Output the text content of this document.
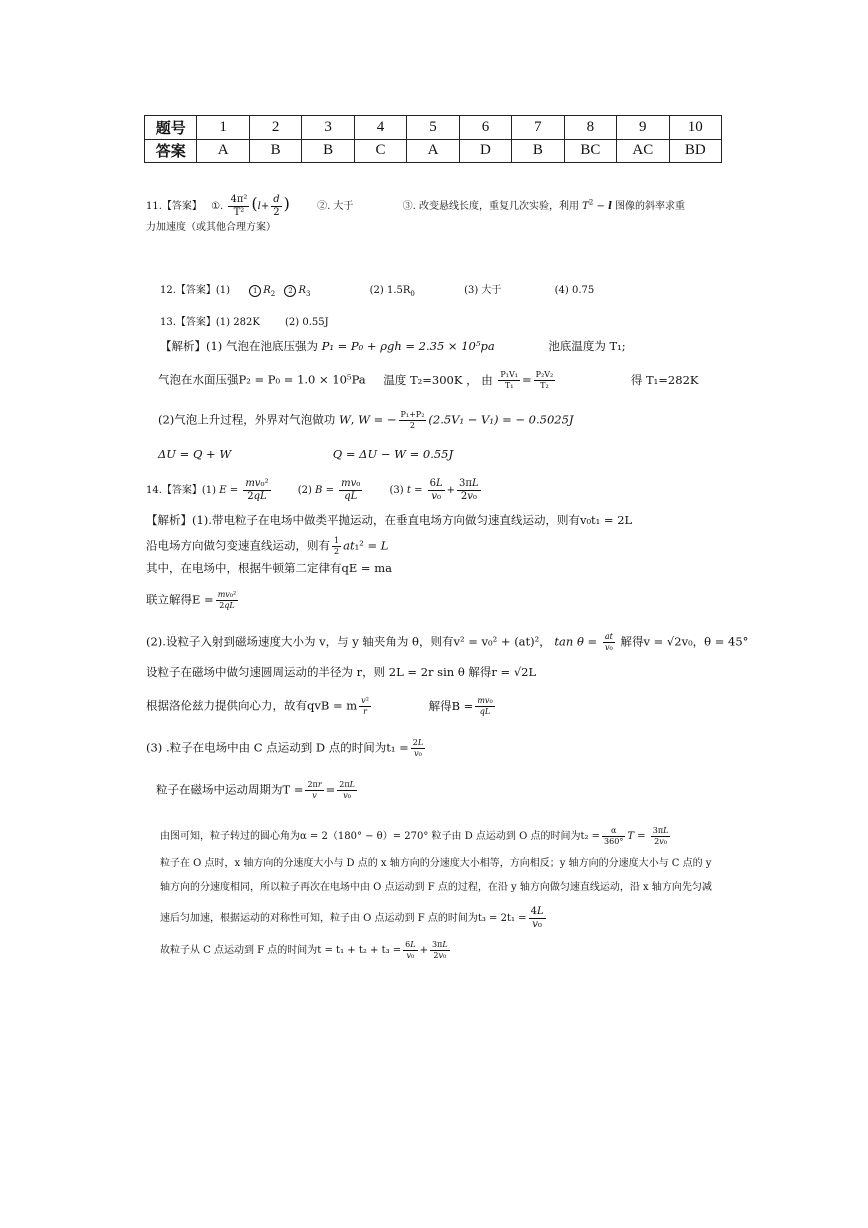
题号	1	2	3	4	5	6	7	8	9	10
答案	A	B	B	C	A	D	B	BC	AC	BD
11.【答案】 ①. $\frac{\text{4π²}}{\text{T²}} (l+ \frac{d}{2}$ )	②. 大于	③. 改变悬线长度，重复几次实验，利用 $T^2 - l$ 图像的斜率求重
力加速度（或其他合理方案）
12.【答案】(1)	1 $R_2$ 2 $R_3$	(2) $1.5R_0$	(3) 大于	(4) 0.75
13.【答案】(1) 282K	(2) 0.55J
【解析】(1) 气泡在池底压强为 P₁ = P₀ + ρgh = 2.35 × 10⁵pa	池底温度为 T₁;
气泡在水面压强P₂ = P₀ = 1.0 × 10⁵Pa 温度 T₂=300K ， 由 $\frac{\text{P₁V₁}}{\text{T₁}} = \frac{\text{P₂V₂}}{\text{T₂}}$	得 T₁=282K
(2)气泡上升过程，外界对气泡做功 W, W = − $\frac{\text{P₁+P₂}}{2} (2.5V_1 - V_1)$ = − 0.5025J
ΔU = Q + W	Q = ΔU − W = 0.55J
14.【答案】(1) $E = \frac{\text{mv₀²}}{2qL}$	(2) $B = \frac{\text{mv₀}}{qL}$	(3) $t = \frac{6L}{\text{v₀}} + \frac{3\pi L}{\text{2v₀}}$
【解析】(1).带电粒子在电场中做类平抛运动，在垂直电场方向做匀速直线运动，则有v₀t₁ = 2L
沿电场方向做匀变速直线运动，则有 $\frac{1}{2} at_1^2 = L$
其中，在电场中，根据牛顿第二定律有qE = ma
联立解得$E = \frac{\text{mv₀²}}{2qL}$
(2).设粒子入射到磁场速度大小为 v，与 y 轴夹角为 θ，则有v² = v₀² + (at)²， $\tan \theta = \frac{at}{\text{v₀}}$ 解得v = √2v₀，θ = 45°
设粒子在磁场中做匀速圆周运动的半径为 r，则 2L = 2r sin θ 解得r = √2L
根据洛伦兹力提供向心力，故有qvB = m $\frac{\text{v²}}{r}$	解得$B = \frac{\text{mv₀}}{qL}$
(3) .粒子在电场中由 C 点运动到 D 点的时间为$t_1 = \frac{2L}{\text{v₀}}$
粒子在磁场中运动周期为$T = \frac{2\pi r}{v} = \frac{2\pi L}{\text{v₀}}$
由图可知，粒子转过的圆心角为α = 2（180° − θ）= 270° 粒子由 D 点运动到 O 点的时间为$t_2 = \frac{\alpha}{360^\circ}$ $T = \frac{3\pi L}{\text{2v₀}}$
粒子在 O 点时，x 轴方向的分速度大小与 D 点的 x 轴方向的分速度大小相等，方向相反；y 轴方向的分速度大小与 C 点的 y
轴方向的分速度相同，所以粒子再次在电场中由 O 点运动到 F 点的过程，在沿 y 轴方向做匀速直线运动，沿 x 轴方向先匀减
速后匀加速，根据运动的对称性可知，粒子由 O 点运动到 F 点的时间为$t_3 = 2t_1 = \frac{4L}{\text{v₀}}$
故粒子从 C 点运动到 F 点的时间为$t = t_1 + t_2 + t_3 = \frac{6L}{\text{v₀}} + \frac{3\pi L}{\text{2v₀}}$
